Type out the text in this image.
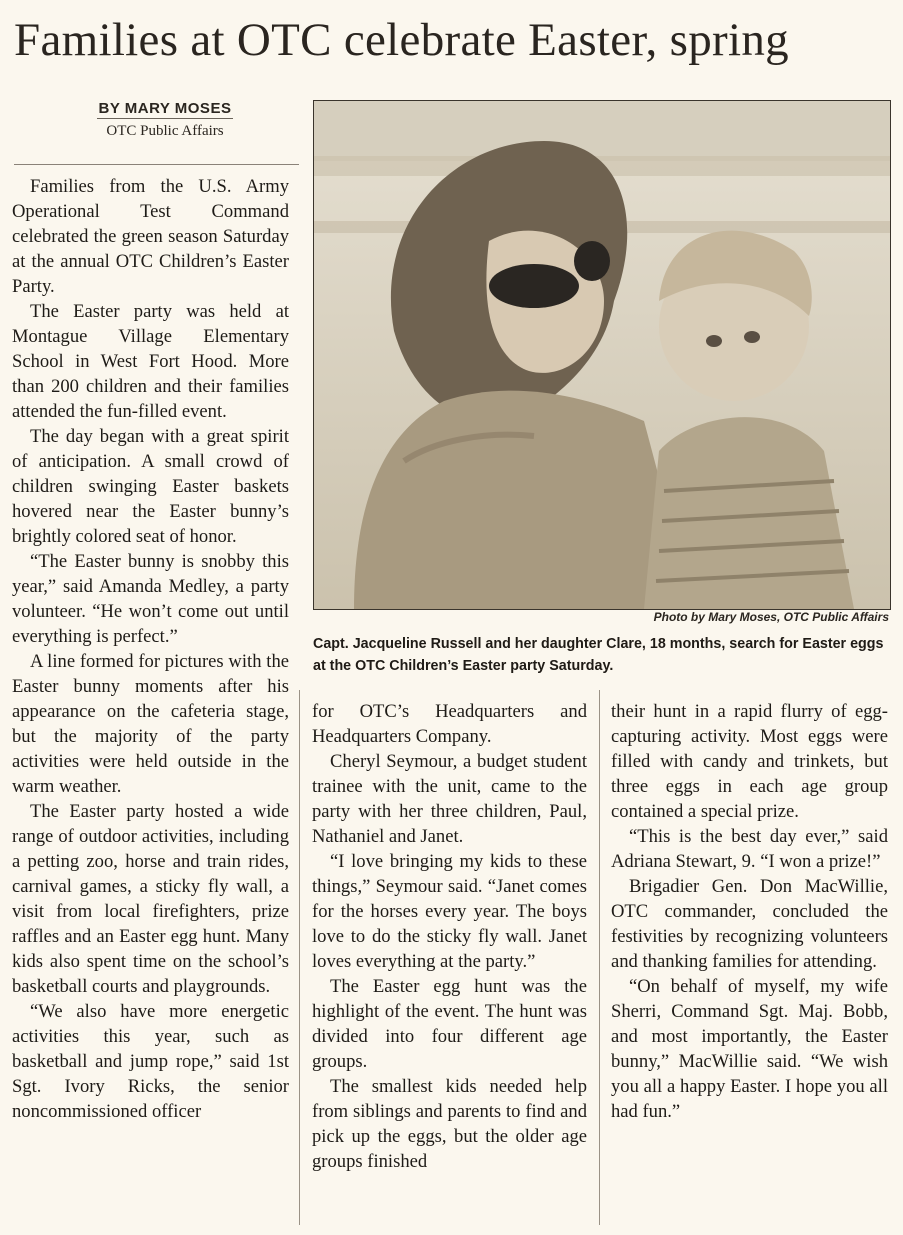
Families at OTC celebrate Easter, spring
BY MARY MOSES
OTC Public Affairs

Families from the U.S. Army Operational Test Command celebrated the green season Saturday at the annual OTC Children’s Easter Party.

The Easter party was held at Montague Village Elementary School in West Fort Hood. More than 200 children and their families attended the fun-filled event.

The day began with a great spirit of anticipation. A small crowd of children swinging Easter baskets hovered near the Easter bunny’s brightly colored seat of honor.

“The Easter bunny is snobby this year,” said Amanda Medley, a party volunteer. “He won’t come out until everything is perfect.”

A line formed for pictures with the Easter bunny moments after his appearance on the cafeteria stage, but the majority of the party activities were held outside in the warm weather.

The Easter party hosted a wide range of outdoor activities, including a petting zoo, horse and train rides, carnival games, a sticky fly wall, a visit from local firefighters, prize raffles and an Easter egg hunt. Many kids also spent time on the school’s basketball courts and playgrounds.

“We also have more energetic activities this year, such as basketball and jump rope,” said 1st Sgt. Ivory Ricks, the senior noncommissioned officer

Photo by Mary Moses, OTC Public Affairs
Capt. Jacqueline Russell and her daughter Clare, 18 months, search for Easter eggs at the OTC Children’s Easter party Saturday.

for OTC’s Headquarters and Headquarters Company.

Cheryl Seymour, a budget student trainee with the unit, came to the party with her three children, Paul, Nathaniel and Janet.

“I love bringing my kids to these things,” Seymour said. “Janet comes for the horses every year. The boys love to do the sticky fly wall. Janet loves everything at the party.”

The Easter egg hunt was the highlight of the event. The hunt was divided into four different age groups.

The smallest kids needed help from siblings and parents to find and pick up the eggs, but the older age groups finished

their hunt in a rapid flurry of egg-capturing activity. Most eggs were filled with candy and trinkets, but three eggs in each age group contained a special prize.

“This is the best day ever,” said Adriana Stewart, 9. “I won a prize!”

Brigadier Gen. Don MacWillie, OTC commander, concluded the festivities by recognizing volunteers and thanking families for attending.

“On behalf of myself, my wife Sherri, Command Sgt. Maj. Bobb, and most importantly, the Easter bunny,” MacWillie said. “We wish you all a happy Easter. I hope you all had fun.”
